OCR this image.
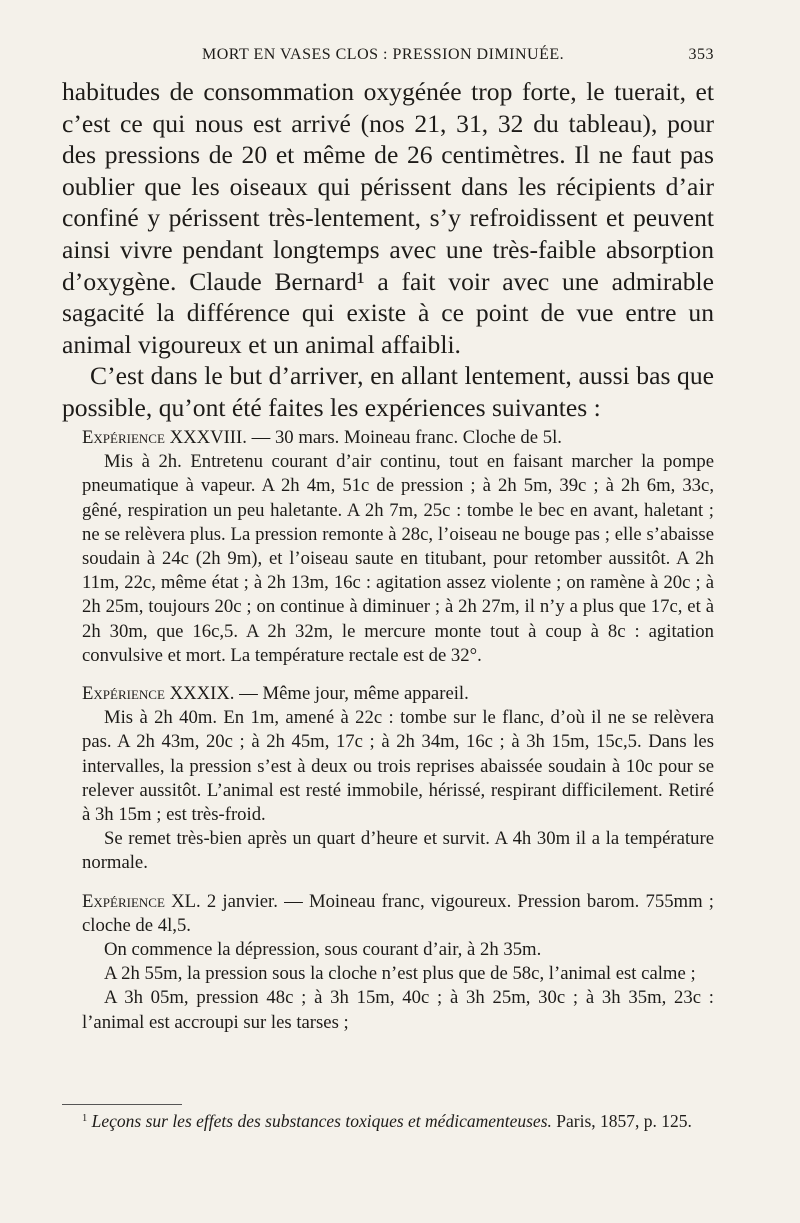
MORT EN VASES CLOS : PRESSION DIMINUÉE.	353

habitudes de consommation oxygénée trop forte, le tuerait, et c’est ce qui nous est arrivé (nos 21, 31, 32 du tableau), pour des pressions de 20 et même de 26 centimètres. Il ne faut pas oublier que les oiseaux qui périssent dans les récipients d’air confiné y périssent très-lentement, s’y refroidissent et peuvent ainsi vivre pendant longtemps avec une très-faible absorption d’oxygène. Claude Bernard¹ a fait voir avec une admirable sagacité la différence qui existe à ce point de vue entre un animal vigoureux et un animal affaibli.

C’est dans le but d’arriver, en allant lentement, aussi bas que possible, qu’ont été faites les expériences suivantes :

Expérience XXXVIII. — 30 mars. Moineau franc. Cloche de 5l.

Mis à 2h. Entretenu courant d’air continu, tout en faisant marcher la pompe pneumatique à vapeur. A 2h 4m, 51c de pression ; à 2h 5m, 39c ; à 2h 6m, 33c, gêné, respiration un peu haletante. A 2h 7m, 25c : tombe le bec en avant, haletant ; ne se relèvera plus. La pression remonte à 28c, l’oiseau ne bouge pas ; elle s’abaisse soudain à 24c (2h 9m), et l’oiseau saute en titubant, pour retomber aussitôt. A 2h 11m, 22c, même état ; à 2h 13m, 16c : agitation assez violente ; on ramène à 20c ; à 2h 25m, toujours 20c ; on continue à diminuer ; à 2h 27m, il n’y a plus que 17c, et à 2h 30m, que 16c,5. A 2h 32m, le mercure monte tout à coup à 8c : agitation convulsive et mort. La température rectale est de 32°.

Expérience XXXIX. — Même jour, même appareil.

Mis à 2h 40m. En 1m, amené à 22c : tombe sur le flanc, d’où il ne se relèvera pas. A 2h 43m, 20c ; à 2h 45m, 17c ; à 2h 34m, 16c ; à 3h 15m, 15c,5. Dans les intervalles, la pression s’est à deux ou trois reprises abaissée soudain à 10c pour se relever aussitôt. L’animal est resté immobile, hérissé, respirant difficilement. Retiré à 3h 15m ; est très-froid.

Se remet très-bien après un quart d’heure et survit. A 4h 30m il a la température normale.

Expérience XL. 2 janvier. — Moineau franc, vigoureux. Pression barom. 755mm ; cloche de 4l,5.

On commence la dépression, sous courant d’air, à 2h 35m.

A 2h 55m, la pression sous la cloche n’est plus que de 58c, l’animal est calme ;

A 3h 05m, pression 48c ; à 3h 15m, 40c ; à 3h 25m, 30c ; à 3h 35m, 23c : l’animal est accroupi sur les tarses ;

$^1$ Leçons sur les effets des substances toxiques et médicamenteuses. Paris, 1857, p. 125.
